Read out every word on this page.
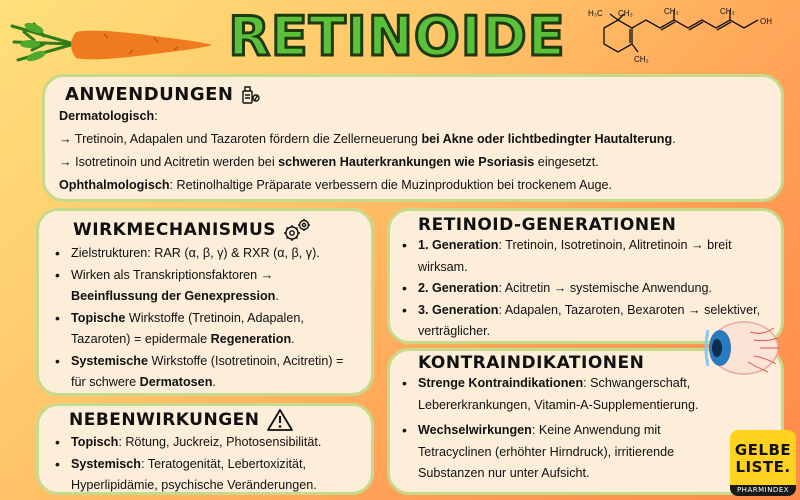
RETINOIDE	H₃C CH₃	CH₃	CH₃
OH
CH₃
ANWENDUNGEN
Dermatologisch:
→ Tretinoin, Adapalen und Tazaroten fördern die Zellerneuerung bei Akne oder lichtbedingter Hautalterung.
→ Isotretinoin und Acitretin werden bei schweren Hauterkrankungen wie Psoriasis eingesetzt.
Ophthalmologisch: Retinolhaltige Präparate verbessern die Muzinproduktion bei trockenem Auge.
WIRKMECHANISMUS
• Zielstrukturen: RAR (α, β, γ) & RXR (α, β, γ).
• Wirken als Transkriptionsfaktoren → Beeinflussung der Genexpression.
• Topische Wirkstoffe (Tretinoin, Adapalen, Tazaroten) = epidermale Regeneration.
• Systemische Wirkstoffe (Isotretinoin, Acitretin) = für schwere Dermatosen.
NEBENWIRKUNGEN
• Topisch: Rötung, Juckreiz, Photosensibilität.
• Systemisch: Teratogenität, Lebertoxizität, Hyperlipidämie, psychische Veränderungen.
RETINOID-GENERATIONEN
• 1. Generation: Tretinoin, Isotretinoin, Alitretinoin → breit wirksam.
• 2. Generation: Acitretin → systemische Anwendung.
• 3. Generation: Adapalen, Tazaroten, Bexaroten → selektiver, verträglicher.
KONTRAINDIKATIONEN
• Strenge Kontraindikationen: Schwangerschaft, Lebererkrankungen, Vitamin-A-Supplementierung.
• Wechselwirkungen: Keine Anwendung mit Tetracyclinen (erhöhter Hirndruck), irritierende Substanzen nur unter Aufsicht.
GELBE
LISTE.
PHARMINDEX
